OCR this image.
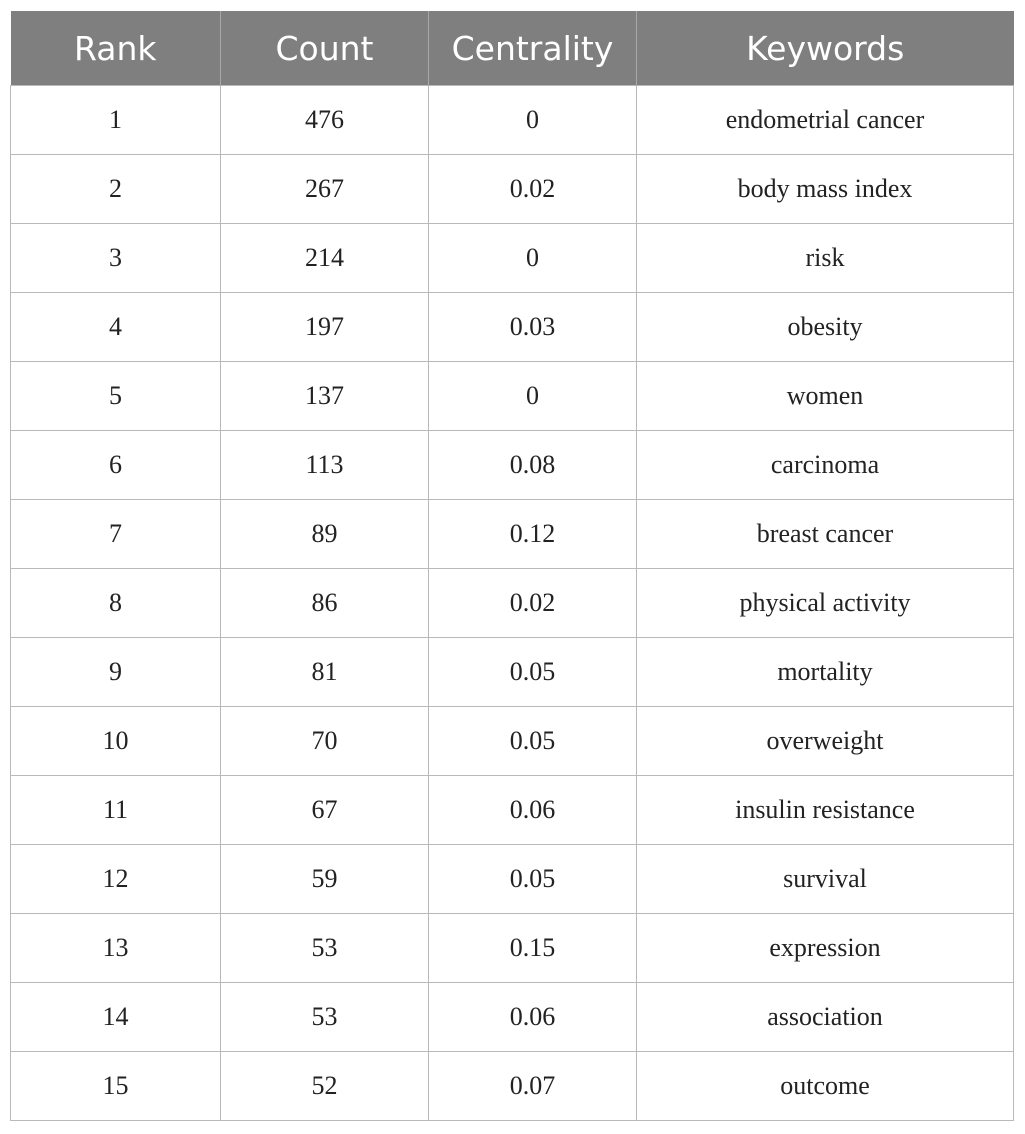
Rank	Count	Centrality	Keywords
1	476	0	endometrial cancer
2	267	0.02	body mass index
3	214	0	risk
4	197	0.03	obesity
5	137	0	women
6	113	0.08	carcinoma
7	89	0.12	breast cancer
8	86	0.02	physical activity
9	81	0.05	mortality
10	70	0.05	overweight
11	67	0.06	insulin resistance
12	59	0.05	survival
13	53	0.15	expression
14	53	0.06	association
15	52	0.07	outcome
